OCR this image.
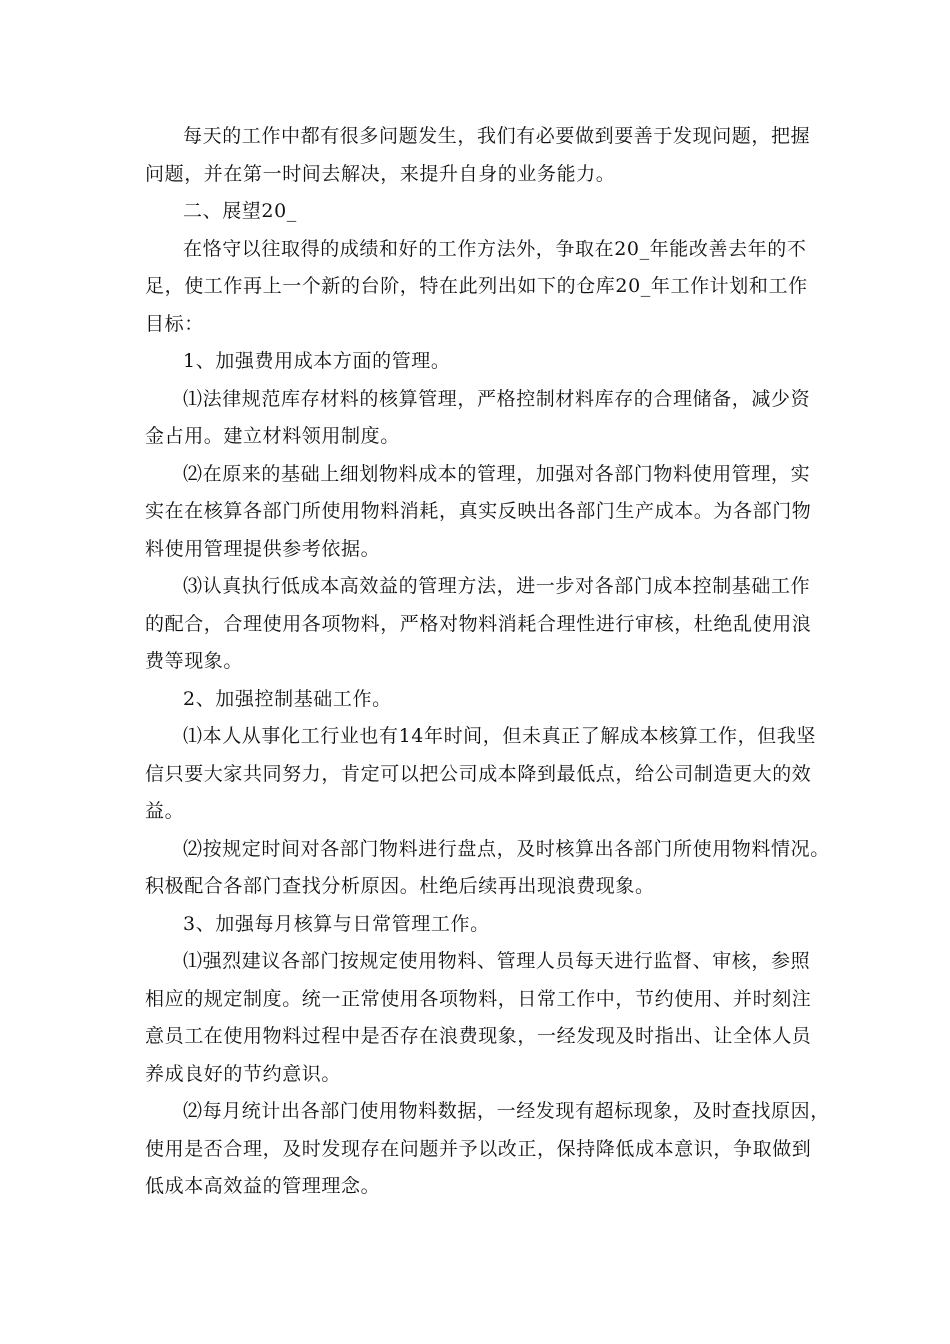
每天的工作中都有很多问题发生，我们有必要做到要善于发现问题，把握
问题，并在第一时间去解决，来提升自身的业务能力。
二、展望20_
在恪守以往取得的成绩和好的工作方法外，争取在20_年能改善去年的不
足，使工作再上一个新的台阶，特在此列出如下的仓库20_年工作计划和工作
目标：
1、加强费用成本方面的管理。
⑴法律规范库存材料的核算管理，严格控制材料库存的合理储备，减少资
金占用。建立材料领用制度。
⑵在原来的基础上细划物料成本的管理，加强对各部门物料使用管理，实
实在在核算各部门所使用物料消耗，真实反映出各部门生产成本。为各部门物
料使用管理提供参考依据。
⑶认真执行低成本高效益的管理方法，进一步对各部门成本控制基础工作
的配合，合理使用各项物料，严格对物料消耗合理性进行审核，杜绝乱使用浪
费等现象。
2、加强控制基础工作。
⑴本人从事化工行业也有14年时间，但未真正了解成本核算工作，但我坚
信只要大家共同努力，肯定可以把公司成本降到最低点，给公司制造更大的效
益。
⑵按规定时间对各部门物料进行盘点，及时核算出各部门所使用物料情况。
积极配合各部门查找分析原因。杜绝后续再出现浪费现象。
3、加强每月核算与日常管理工作。
⑴强烈建议各部门按规定使用物料、管理人员每天进行监督、审核，参照
相应的规定制度。统一正常使用各项物料，日常工作中，节约使用、并时刻注
意员工在使用物料过程中是否存在浪费现象，一经发现及时指出、让全体人员
养成良好的节约意识。
⑵每月统计出各部门使用物料数据，一经发现有超标现象，及时查找原因，
使用是否合理，及时发现存在问题并予以改正，保持降低成本意识，争取做到
低成本高效益的管理理念。
